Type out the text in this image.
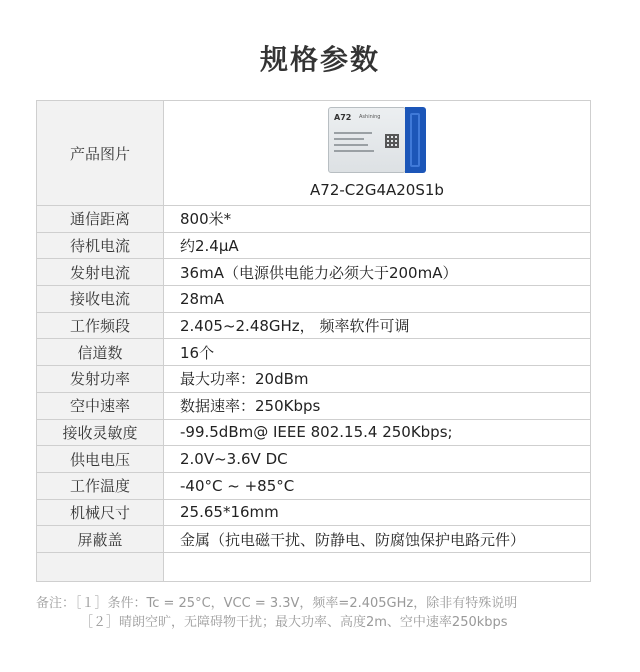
规格参数
产品图片	A72 Ashining
A72-C2G4A20S1b

通信距离	800米*
待机电流	约2.4μA
发射电流	36mA（电源供电能力必须大于200mA）
接收电流	28mA
工作频段	2.405~2.48GHz， 频率软件可调
信道数	16个
发射功率	最大功率：20dBm
空中速率	数据速率：250Kbps
接收灵敏度	-99.5dBm@ IEEE 802.15.4 250Kbps;
供电电压	2.0V~3.6V DC
工作温度	-40°C ~ +85°C
机械尺寸	25.65*16mm
屏蔽盖	金属（抗电磁干扰、防静电、防腐蚀保护电路元件）

备注：［１］条件：Tc = 25°C，VCC = 3.3V，频率=2.405GHz，除非有特殊说明
［２］晴朗空旷，无障碍物干扰；最大功率、高度2m、空中速率250kbps
